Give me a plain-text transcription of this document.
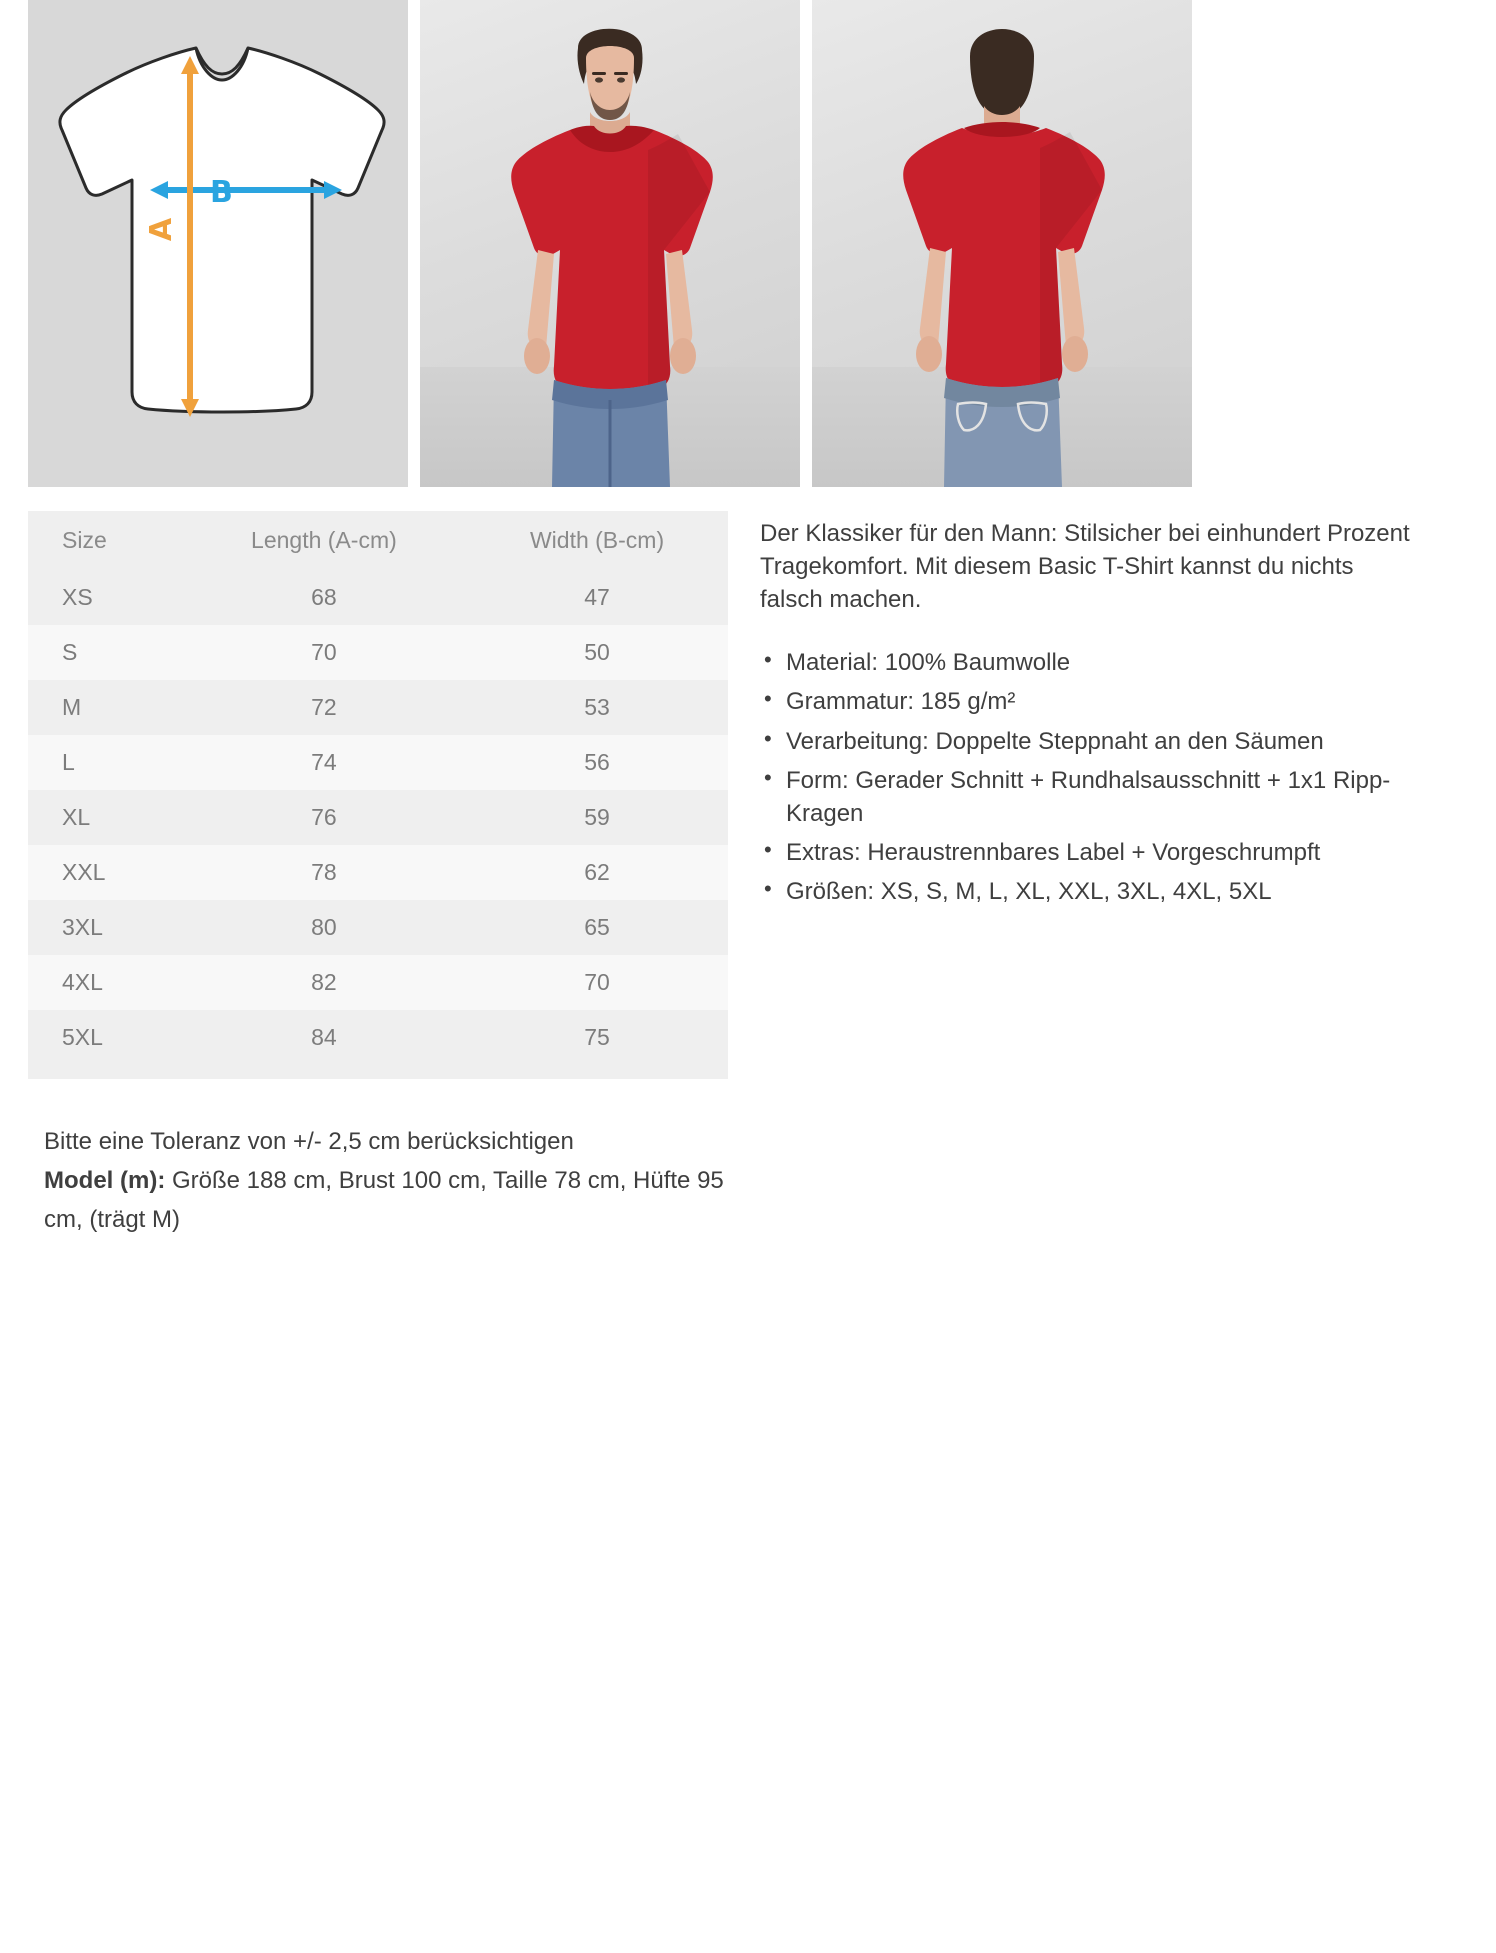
B
A
Size	Length (A-cm)	Width (B-cm)
XS	68	47
S	70	50
M	72	53
L	74	56
XL	76	59
XXL	78	62
3XL	80	65
4XL	82	70
5XL	84	75

Der Klassiker für den Mann: Stilsicher bei einhundert Prozent Tragekomfort. Mit diesem Basic T-Shirt kannst du nichts falsch machen.

• Material: 100% Baumwolle
• Grammatur: 185 g/m²
• Verarbeitung: Doppelte Steppnaht an den Säumen
• Form: Gerader Schnitt + Rundhalsausschnitt + 1x1 Ripp-Kragen
• Extras: Heraustrennbares Label + Vorgeschrumpft
• Größen: XS, S, M, L, XL, XXL, 3XL, 4XL, 5XL
Bitte eine Toleranz von +/- 2,5 cm berücksichtigen
Model (m): Größe 188 cm, Brust 100 cm, Taille 78 cm, Hüfte 95 cm, (trägt M)
